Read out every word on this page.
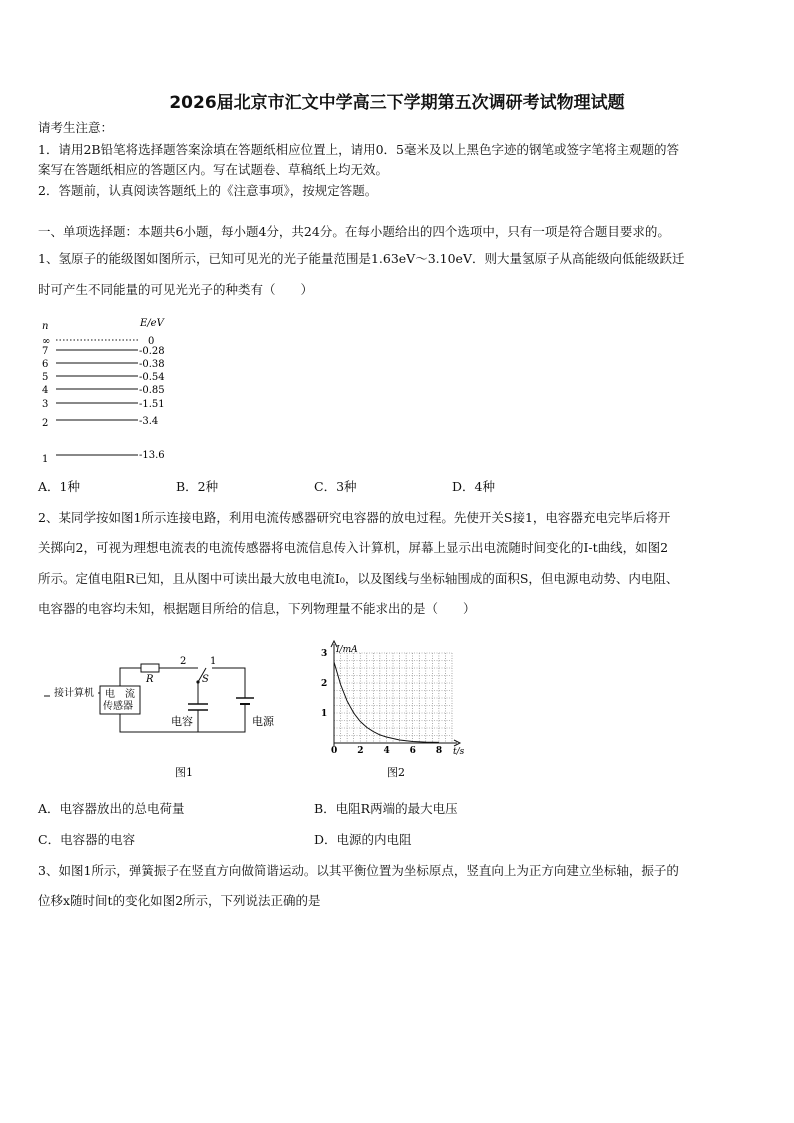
2026届北京市汇文中学高三下学期第五次调研考试物理试题
请考生注意：
1．请用2B铅笔将选择题答案涂填在答题纸相应位置上，请用0．5毫米及以上黑色字迹的钢笔或签字笔将主观题的答
案写在答题纸相应的答题区内。写在试题卷、草稿纸上均无效。
2．答题前，认真阅读答题纸上的《注意事项》，按规定答题。
一、单项选择题：本题共6小题，每小题4分，共24分。在每小题给出的四个选项中，只有一项是符合题目要求的。
1、氢原子的能级图如图所示，已知可见光的光子能量范围是1.63eV～3.10eV．则大量氢原子从高能级向低能级跃迁
时可产生不同能量的可见光光子的种类有（　　）
n	E/eV
∞	0
7	-0.28
6	-0.38
5	-0.54
4	-0.85
3	-1.51
2	-3.4
1	-13.6
A．1种	B．2种	C．3种	D．4种
2、某同学按如图1所示连接电路，利用电流传感器研究电容器的放电过程。先使开关S接1，电容器充电完毕后将开
关掷向2，可视为理想电流表的电流传感器将电流信息传入计算机，屏幕上显示出电流随时间变化的I-t曲线，如图2
所示。定值电阻R已知，且从图中可读出最大放电电流I₀，以及图线与坐标轴围成的面积S，但电源电动势、内电阻、
电容器的电容均未知，根据题目所给的信息，下列物理量不能求出的是（　　）
接计算机 电　流
传感器
R
2 1
S
电容	电源
图1
I/mA
t/s
0 2 4 6 8
1
2
3
图2
A．电容器放出的总电荷量	B．电阻R两端的最大电压
C．电容器的电容	D．电源的内电阻
3、如图1所示，弹簧振子在竖直方向做简谐运动。以其平衡位置为坐标原点，竖直向上为正方向建立坐标轴，振子的
位移x随时间t的变化如图2所示，下列说法正确的是
